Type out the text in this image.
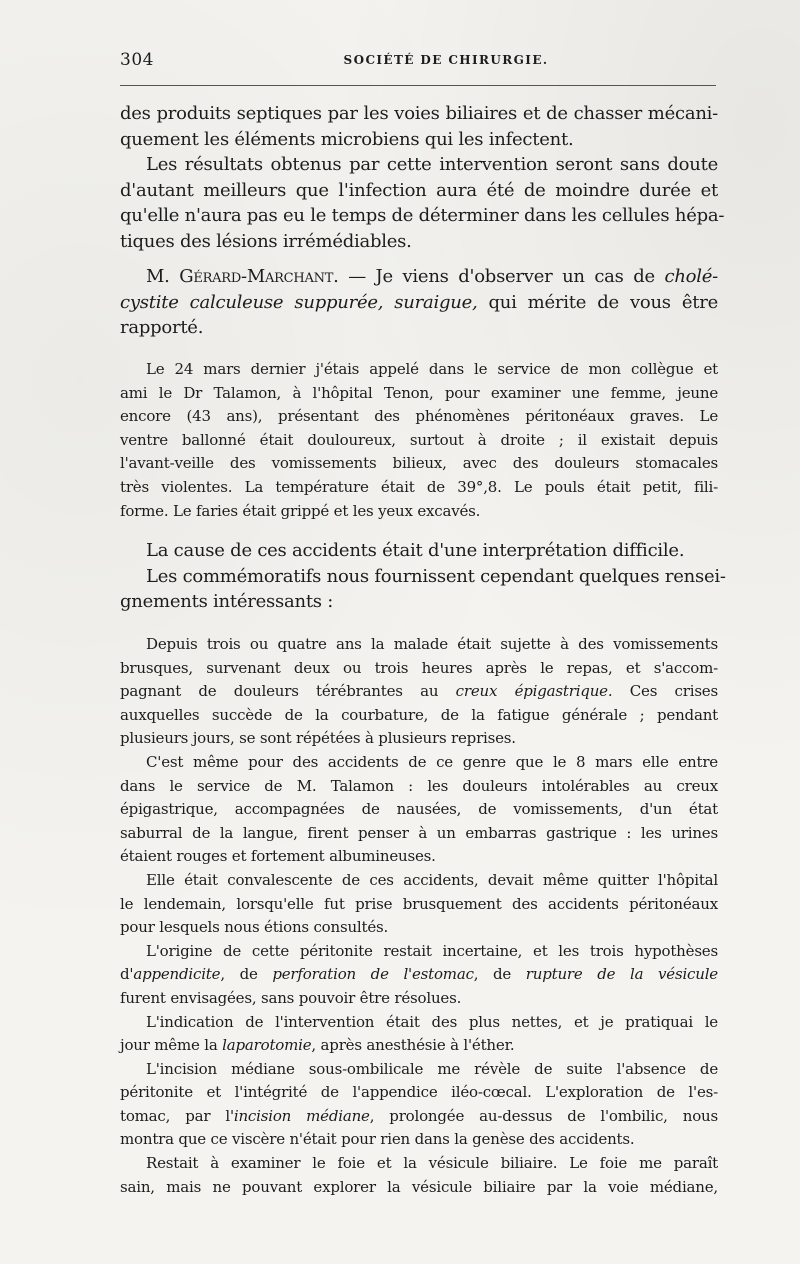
304	SOCIÉTÉ DE CHIRURGIE.
des produits septiques par les voies biliaires et de chasser mécani-
quement les éléments microbiens qui les infectent.
Les résultats obtenus par cette intervention seront sans doute
d'autant meilleurs que l'infection aura été de moindre durée et
qu'elle n'aura pas eu le temps de déterminer dans les cellules hépa-
tiques des lésions irrémédiables.
M. Gérard-Marchant. — Je viens d'observer un cas de cholé-
cystite calculeuse suppurée, suraigue, qui mérite de vous être
rapporté.
Le 24 mars dernier j'étais appelé dans le service de mon collègue et
ami le Dr Talamon, à l'hôpital Tenon, pour examiner une femme, jeune
encore (43 ans), présentant des phénomènes péritonéaux graves. Le
ventre ballonné était douloureux, surtout à droite ; il existait depuis
l'avant-veille des vomissements bilieux, avec des douleurs stomacales
très violentes. La température était de 39°,8. Le pouls était petit, fili-
forme. Le faries était grippé et les yeux excavés.
La cause de ces accidents était d'une interprétation difficile.
Les commémoratifs nous fournissent cependant quelques rensei-
gnements intéressants :
Depuis trois ou quatre ans la malade était sujette à des vomissements
brusques, survenant deux ou trois heures après le repas, et s'accom-
pagnant de douleurs térébrantes au creux épigastrique. Ces crises
auxquelles succède de la courbature, de la fatigue générale ; pendant
plusieurs jours, se sont répétées à plusieurs reprises.
C'est même pour des accidents de ce genre que le 8 mars elle entre
dans le service de M. Talamon : les douleurs intolérables au creux
épigastrique, accompagnées de nausées, de vomissements, d'un état
saburral de la langue, firent penser à un embarras gastrique : les urines
étaient rouges et fortement albumineuses.
Elle était convalescente de ces accidents, devait même quitter l'hôpital
le lendemain, lorsqu'elle fut prise brusquement des accidents péritonéaux
pour lesquels nous étions consultés.
L'origine de cette péritonite restait incertaine, et les trois hypothèses
d'appendicite, de perforation de l'estomac, de rupture de la vésicule
furent envisagées, sans pouvoir être résolues.
L'indication de l'intervention était des plus nettes, et je pratiquai le
jour même la laparotomie, après anesthésie à l'éther.
L'incision médiane sous-ombilicale me révèle de suite l'absence de
péritonite et l'intégrité de l'appendice iléo-cœcal. L'exploration de l'es-
tomac, par l'incision médiane, prolongée au-dessus de l'ombilic, nous
montra que ce viscère n'était pour rien dans la genèse des accidents.
Restait à examiner le foie et la vésicule biliaire. Le foie me paraît
sain, mais ne pouvant explorer la vésicule biliaire par la voie médiane,
